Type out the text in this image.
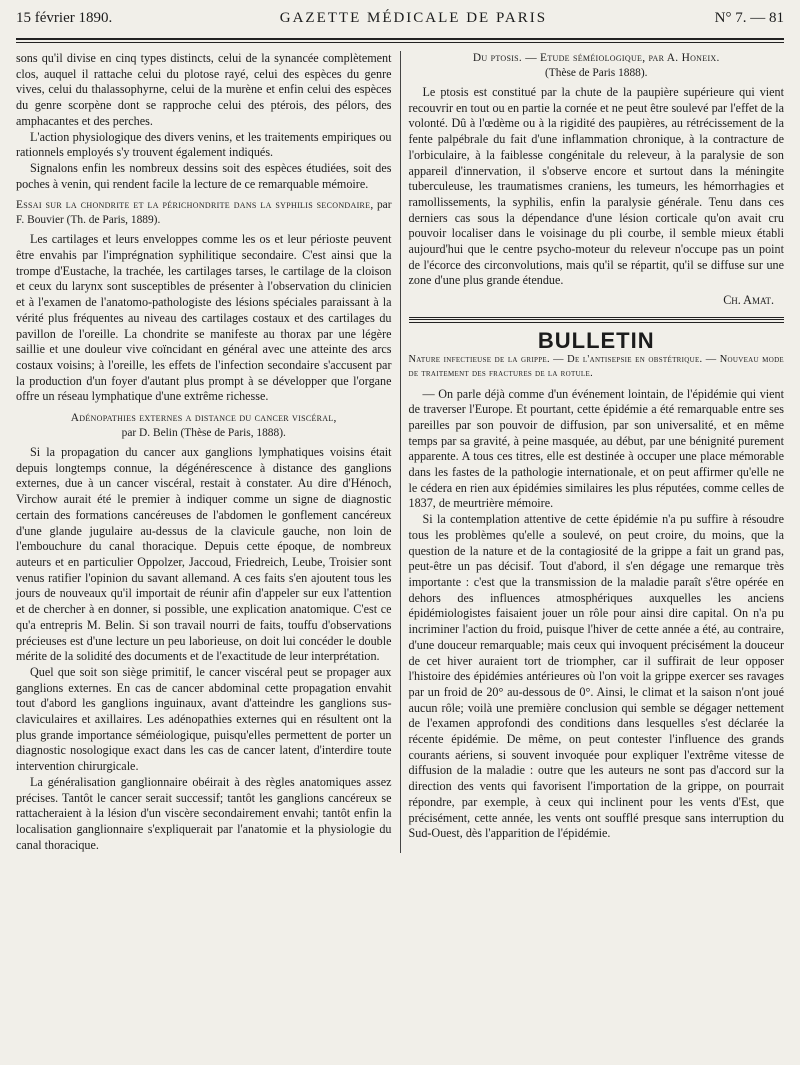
15 février 1890.	GAZETTE MÉDICALE DE PARIS	N° 7. — 81

sons qu'il divise en cinq types distincts, celui de la synancée complètement clos, auquel il rattache celui du plotose rayé, celui des espèces du genre vives, celui du thalassophyrne, celui de la murène et enfin celui des espèces du genre scorpène dont se rapproche celui des ptérois, des pélors, des amphacantes et des perches.

L'action physiologique des divers venins, et les traitements empiriques ou rationnels employés s'y trouvent également indiqués.

Signalons enfin les nombreux dessins soit des espèces étudiées, soit des poches à venin, qui rendent facile la lecture de ce remarquable mémoire.

Essai sur la chondrite et la périchondrite dans la syphilis secondaire, par F. Bouvier (Th. de Paris, 1889).

Les cartilages et leurs enveloppes comme les os et leur périoste peuvent être envahis par l'imprégnation syphilitique secondaire. C'est ainsi que la trompe d'Eustache, la trachée, les cartilages tarses, le cartilage de la cloison et ceux du larynx sont susceptibles de présenter à l'observation du clinicien et à l'examen de l'anatomo-pathologiste des lésions spéciales paraissant à la vérité plus fréquentes au niveau des cartilages costaux et des cartilages du pavillon de l'oreille. La chondrite se manifeste au thorax par une légère saillie et une douleur vive coïncidant en général avec une atteinte des arcs costaux voisins; à l'oreille, les effets de l'infection secondaire s'accusent par la production d'un foyer d'autant plus prompt à se développer que l'organe offre un réseau lymphatique d'une extrême richesse.

Adénopathies externes a distance du cancer viscéral,
par D. Belin (Thèse de Paris, 1888).

Si la propagation du cancer aux ganglions lymphatiques voisins était depuis longtemps connue, la dégénérescence à distance des ganglions externes, due à un cancer viscéral, restait à constater. Au dire d'Hénoch, Virchow aurait été le premier à indiquer comme un signe de diagnostic certain des formations cancéreuses de l'abdomen le gonflement cancéreux d'une glande jugulaire au-dessus de la clavicule gauche, non loin de l'embouchure du canal thoracique. Depuis cette époque, de nombreux auteurs et en particulier Oppolzer, Jaccoud, Friedreich, Leube, Troisier sont venus ratifier l'opinion du savant allemand. A ces faits s'en ajoutent tous les jours de nouveaux qu'il importait de réunir afin d'appeler sur eux l'attention et de chercher à en donner, si possible, une explication anatomique. C'est ce qu'a entrepris M. Belin. Si son travail nourri de faits, touffu d'observations précieuses est d'une lecture un peu laborieuse, on doit lui concéder le double mérite de la solidité des documents et de l'exactitude de leur interprétation.

Quel que soit son siège primitif, le cancer viscéral peut se propager aux ganglions externes. En cas de cancer abdominal cette propagation envahit tout d'abord les ganglions inguinaux, avant d'atteindre les ganglions sus-claviculaires et axillaires. Les adénopathies externes qui en résultent ont la plus grande importance séméiologique, puisqu'elles permettent de porter un diagnostic nosologique exact dans les cas de cancer latent, d'interdire toute intervention chirurgicale.

La généralisation ganglionnaire obéirait à des règles anatomiques assez précises. Tantôt le cancer serait successif; tantôt les ganglions cancéreux se rattacheraient à la lésion d'un viscère secondairement envahi; tantôt enfin la localisation ganglionnaire s'expliquerait par l'anatomie et la physiologie du canal thoracique.

Du ptosis. — Etude séméiologique, par A. Honeix.
(Thèse de Paris 1888).

Le ptosis est constitué par la chute de la paupière supérieure qui vient recouvrir en tout ou en partie la cornée et ne peut être soulevé par l'effet de la volonté. Dû à l'œdème ou à la rigidité des paupières, au rétrécissement de la fente palpébrale du fait d'une inflammation chronique, à la contracture de l'orbiculaire, à la faiblesse congénitale du releveur, à la paralysie de son appareil d'innervation, il s'observe encore et surtout dans la méningite tuberculeuse, les traumatismes craniens, les tumeurs, les hémorrhagies et ramollissements, la syphilis, enfin la paralysie générale. Tenu dans ces derniers cas sous la dépendance d'une lésion corticale qu'on avait cru pouvoir localiser dans le voisinage du pli courbe, il semble mieux établi aujourd'hui que le centre psycho-moteur du releveur n'occupe pas un point de l'écorce des circonvolutions, mais qu'il se répartit, qu'il se diffuse sur une zone d'une plus grande étendue.

Ch. Amat.
BULLETIN

Nature infectieuse de la grippe. — De l'antisepsie en obstétrique. — Nouveau mode de traitement des fractures de la rotule.

— On parle déjà comme d'un événement lointain, de l'épidémie qui vient de traverser l'Europe. Et pourtant, cette épidémie a été remarquable entre ses pareilles par son pouvoir de diffusion, par son universalité, et en même temps par sa gravité, à peine masquée, au début, par une bénignité purement apparente. A tous ces titres, elle est destinée à occuper une place mémorable dans les fastes de la pathologie internationale, et on peut affirmer qu'elle ne le cédera en rien aux épidémies similaires les plus réputées, comme celles de 1837, de meurtrière mémoire.

Si la contemplation attentive de cette épidémie n'a pu suffire à résoudre tous les problèmes qu'elle a soulevé, on peut croire, du moins, que la question de la nature et de la contagiosité de la grippe a fait un grand pas, peut-être un pas décisif. Tout d'abord, il s'en dégage une remarque très importante : c'est que la transmission de la maladie paraît s'être opérée en dehors des influences atmosphériques auxquelles les anciens épidémiologistes faisaient jouer un rôle pour ainsi dire capital. On n'a pu incriminer l'action du froid, puisque l'hiver de cette année a été, au contraire, d'une douceur remarquable; mais ceux qui invoquent précisément la douceur de cet hiver auraient tort de triompher, car il suffirait de leur opposer l'histoire des épidémies antérieures où l'on voit la grippe exercer ses ravages par un froid de 20° au-dessous de 0°. Ainsi, le climat et la saison n'ont joué aucun rôle; voilà une première conclusion qui semble se dégager nettement de l'examen approfondi des conditions dans lesquelles s'est déclarée la récente épidémie. De même, on peut contester l'influence des grands courants aériens, si souvent invoquée pour expliquer l'extrême vitesse de diffusion de la maladie : outre que les auteurs ne sont pas d'accord sur la direction des vents qui favorisent l'importation de la grippe, on pourrait répondre, par exemple, à ceux qui inclinent pour les vents d'Est, que précisément, cette année, les vents ont soufflé presque sans interruption du Sud-Ouest, dès l'apparition de l'épidémie.
